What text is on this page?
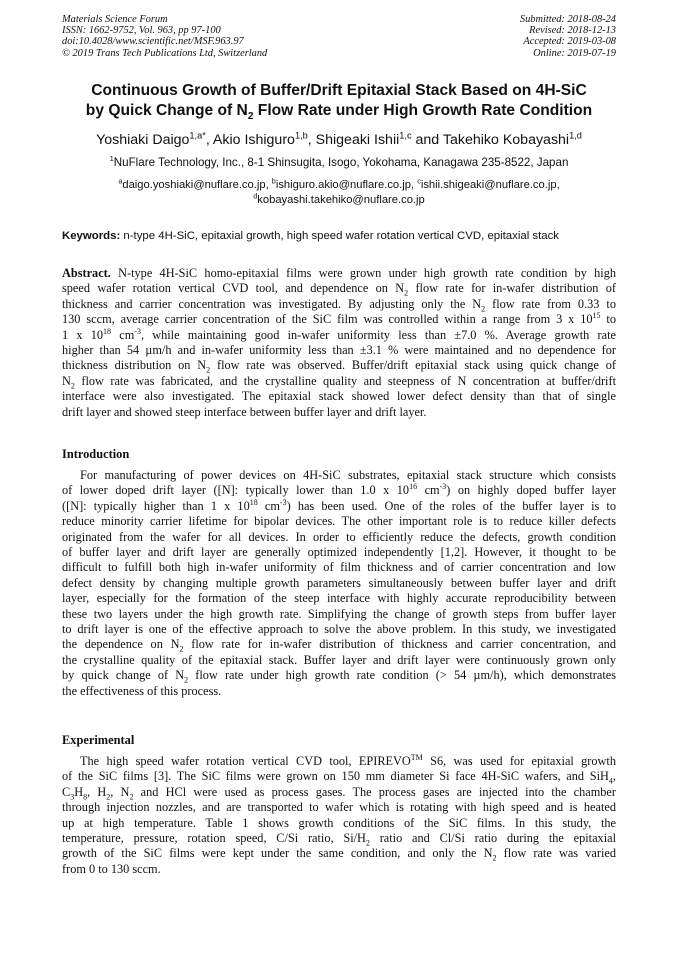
Materials Science Forum
ISSN: 1662-9752, Vol. 963, pp 97-100
doi:10.4028/www.scientific.net/MSF.963.97
© 2019 Trans Tech Publications Ltd, Switzerland
Submitted: 2018-08-24
Revised: 2018-12-13
Accepted: 2019-03-08
Online: 2019-07-19
Continuous Growth of Buffer/Drift Epitaxial Stack Based on 4H-SiC
by Quick Change of $N_2$ Flow Rate under High Growth Rate Condition
Yoshiaki Daigo$^{1,a*}$, Akio Ishiguro$^{1,b}$, Shigeaki Ishii$^{1,c}$ and Takehiko Kobayashi$^{1,d}$
$^1$NuFlare Technology, Inc., 8-1 Shinsugita, Isogo, Yokohama, Kanagawa 235-8522, Japan
$^a$daigo.yoshiaki@nuflare.co.jp, $^b$ishiguro.akio@nuflare.co.jp, $^c$ishii.shigeaki@nuflare.co.jp,
$^d$kobayashi.takehiko@nuflare.co.jp
Keywords: n-type 4H-SiC, epitaxial growth, high speed wafer rotation vertical CVD, epitaxial stack
Abstract. N-type 4H-SiC homo-epitaxial films were grown under high growth rate condition by high
speed wafer rotation vertical CVD tool, and dependence on $N_2$ flow rate for in-wafer distribution of
thickness and carrier concentration was investigated. By adjusting only the $N_2$ flow rate from 0.33 to
130 sccm, average carrier concentration of the SiC film was controlled within a range from 3 x $10^{15}$ to
1 x $10^{18}$ $cm^{-3}$, while maintaining good in-wafer uniformity less than ±7.0 %. Average growth rate
higher than 54 µm/h and in-wafer uniformity less than ±3.1 % were maintained and no dependence for
thickness distribution on $N_2$ flow rate was observed. Buffer/drift epitaxial stack using quick change of
$N_2$ flow rate was fabricated, and the crystalline quality and steepness of N concentration at buffer/drift
interface were also investigated. The epitaxial stack showed lower defect density than that of single
drift layer and showed steep interface between buffer layer and drift layer.
Introduction
For manufacturing of power devices on 4H-SiC substrates, epitaxial stack structure which consists
of lower doped drift layer ([N]: typically lower than 1.0 x $10^{16}$ $cm^{-3}$) on highly doped buffer layer
([N]: typically higher than 1 x $10^{18}$ $cm^{-3}$) has been used. One of the roles of the buffer layer is to
reduce minority carrier lifetime for bipolar devices. The other important role is to reduce killer defects
originated from the wafer for all devices. In order to efficiently reduce the defects, growth condition
of buffer layer and drift layer are generally optimized independently [1,2]. However, it thought to be
difficult to fulfill both high in-wafer uniformity of film thickness and of carrier concentration and low
defect density by changing multiple growth parameters simultaneously between buffer layer and drift
layer, especially for the formation of the steep interface with highly accurate reproducibility between
these two layers under the high growth rate. Simplifying the change of growth steps from buffer layer
to drift layer is one of the effective approach to solve the above problem. In this study, we investigated
the dependence on $N_2$ flow rate for in-wafer distribution of thickness and carrier concentration, and
the crystalline quality of the epitaxial stack. Buffer layer and drift layer were continuously grown only
by quick change of $N_2$ flow rate under high growth rate condition (> 54 µm/h), which demonstrates
the effectiveness of this process.
Experimental
The high speed wafer rotation vertical CVD tool, EPIREVO™ S6, was used for epitaxial growth
of the SiC films [3]. The SiC films were grown on 150 mm diameter Si face 4H-SiC wafers, and SiH$_4$,
$C_3H_8$, $H_2$, $N_2$ and HCl were used as process gases. The process gases are injected into the chamber
through injection nozzles, and are transported to wafer which is rotating with high speed and is heated
up at high temperature. Table 1 shows growth conditions of the SiC films. In this study, the
temperature, pressure, rotation speed, C/Si ratio, $Si/H_2$ ratio and Cl/Si ratio during the epitaxial
growth of the SiC films were kept under the same condition, and only the $N_2$ flow rate was varied
from 0 to 130 sccm.
